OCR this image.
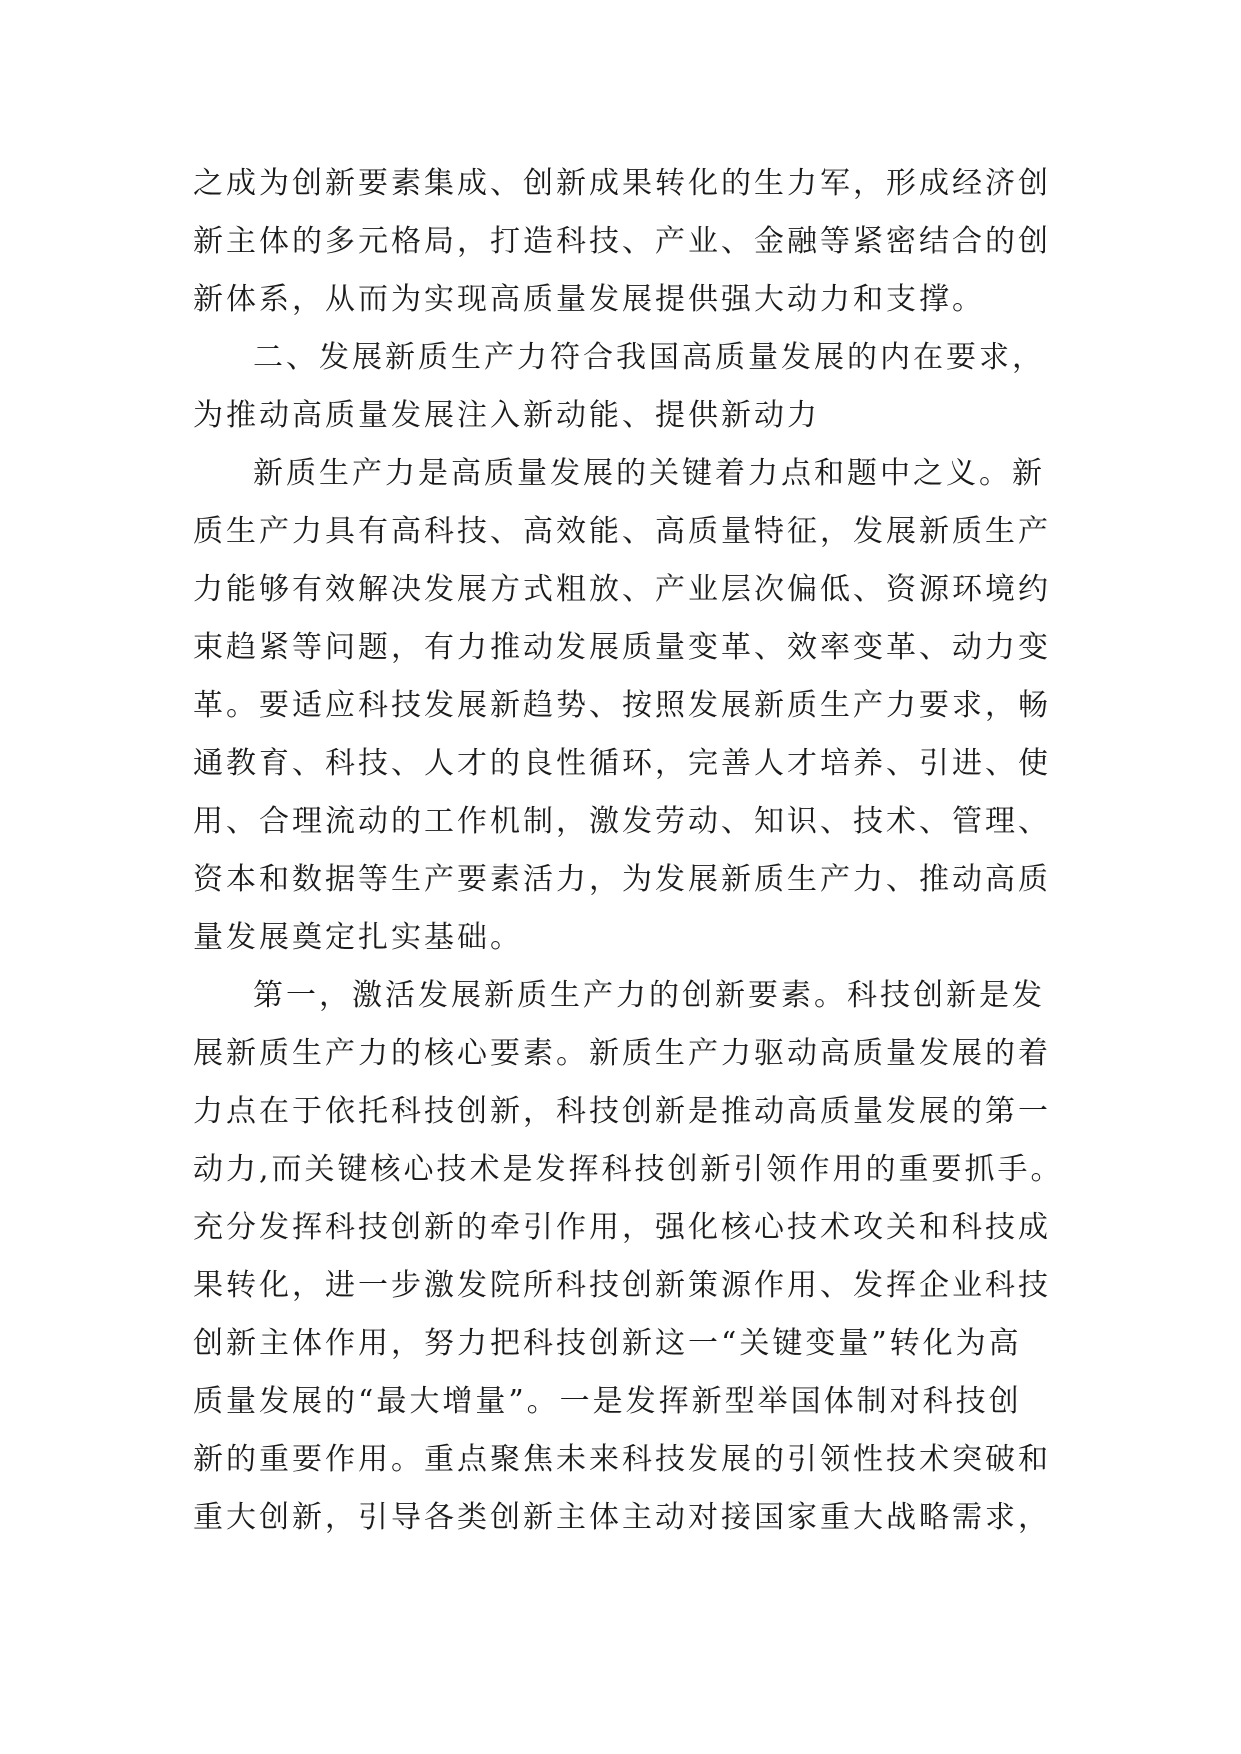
之成为创新要素集成、创新成果转化的生力军，形成经济创
新主体的多元格局，打造科技、产业、金融等紧密结合的创
新体系，从而为实现高质量发展提供强大动力和支撑。
二、发展新质生产力符合我国高质量发展的内在要求，
为推动高质量发展注入新动能、提供新动力
新质生产力是高质量发展的关键着力点和题中之义。新
质生产力具有高科技、高效能、高质量特征，发展新质生产
力能够有效解决发展方式粗放、产业层次偏低、资源环境约
束趋紧等问题，有力推动发展质量变革、效率变革、动力变
革。要适应科技发展新趋势、按照发展新质生产力要求，畅
通教育、科技、人才的良性循环，完善人才培养、引进、使
用、合理流动的工作机制，激发劳动、知识、技术、管理、
资本和数据等生产要素活力，为发展新质生产力、推动高质
量发展奠定扎实基础。
第一，激活发展新质生产力的创新要素。科技创新是发
展新质生产力的核心要素。新质生产力驱动高质量发展的着
力点在于依托科技创新，科技创新是推动高质量发展的第一
动力,而关键核心技术是发挥科技创新引领作用的重要抓手。
充分发挥科技创新的牵引作用，强化核心技术攻关和科技成
果转化，进一步激发院所科技创新策源作用、发挥企业科技
创新主体作用，努力把科技创新这一“关键变量”转化为高
质量发展的“最大增量”。一是发挥新型举国体制对科技创
新的重要作用。重点聚焦未来科技发展的引领性技术突破和
重大创新，引导各类创新主体主动对接国家重大战略需求，
